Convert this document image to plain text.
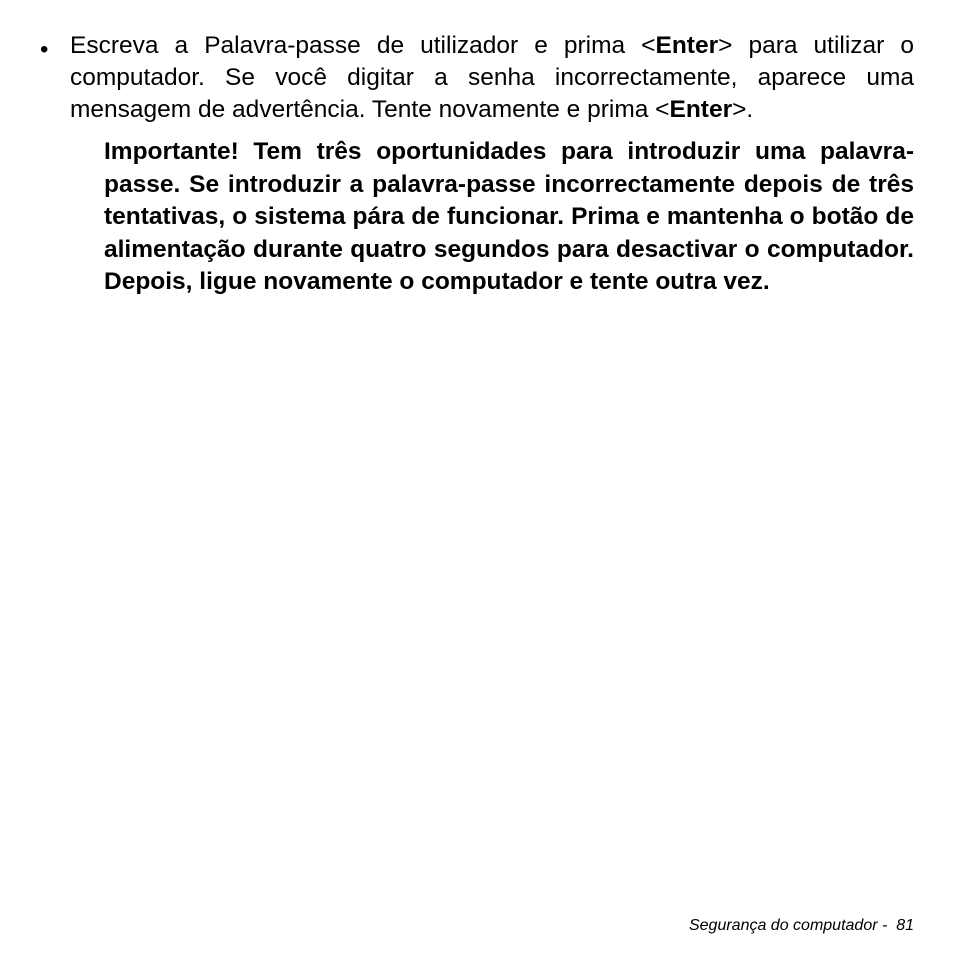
• Escreva a Palavra-passe de utilizador e prima <Enter> para utilizar o computador. Se você digitar a senha incorrectamente, aparece uma mensagem de advertência. Tente novamente e prima <Enter>.
Importante! Tem três oportunidades para introduzir uma palavra-passe. Se introduzir a palavra-passe incorrectamente depois de três tentativas, o sistema pára de funcionar. Prima e mantenha o botão de alimentação durante quatro segundos para desactivar o computador. Depois, ligue novamente o computador e tente outra vez.
Segurança do computador - 81
